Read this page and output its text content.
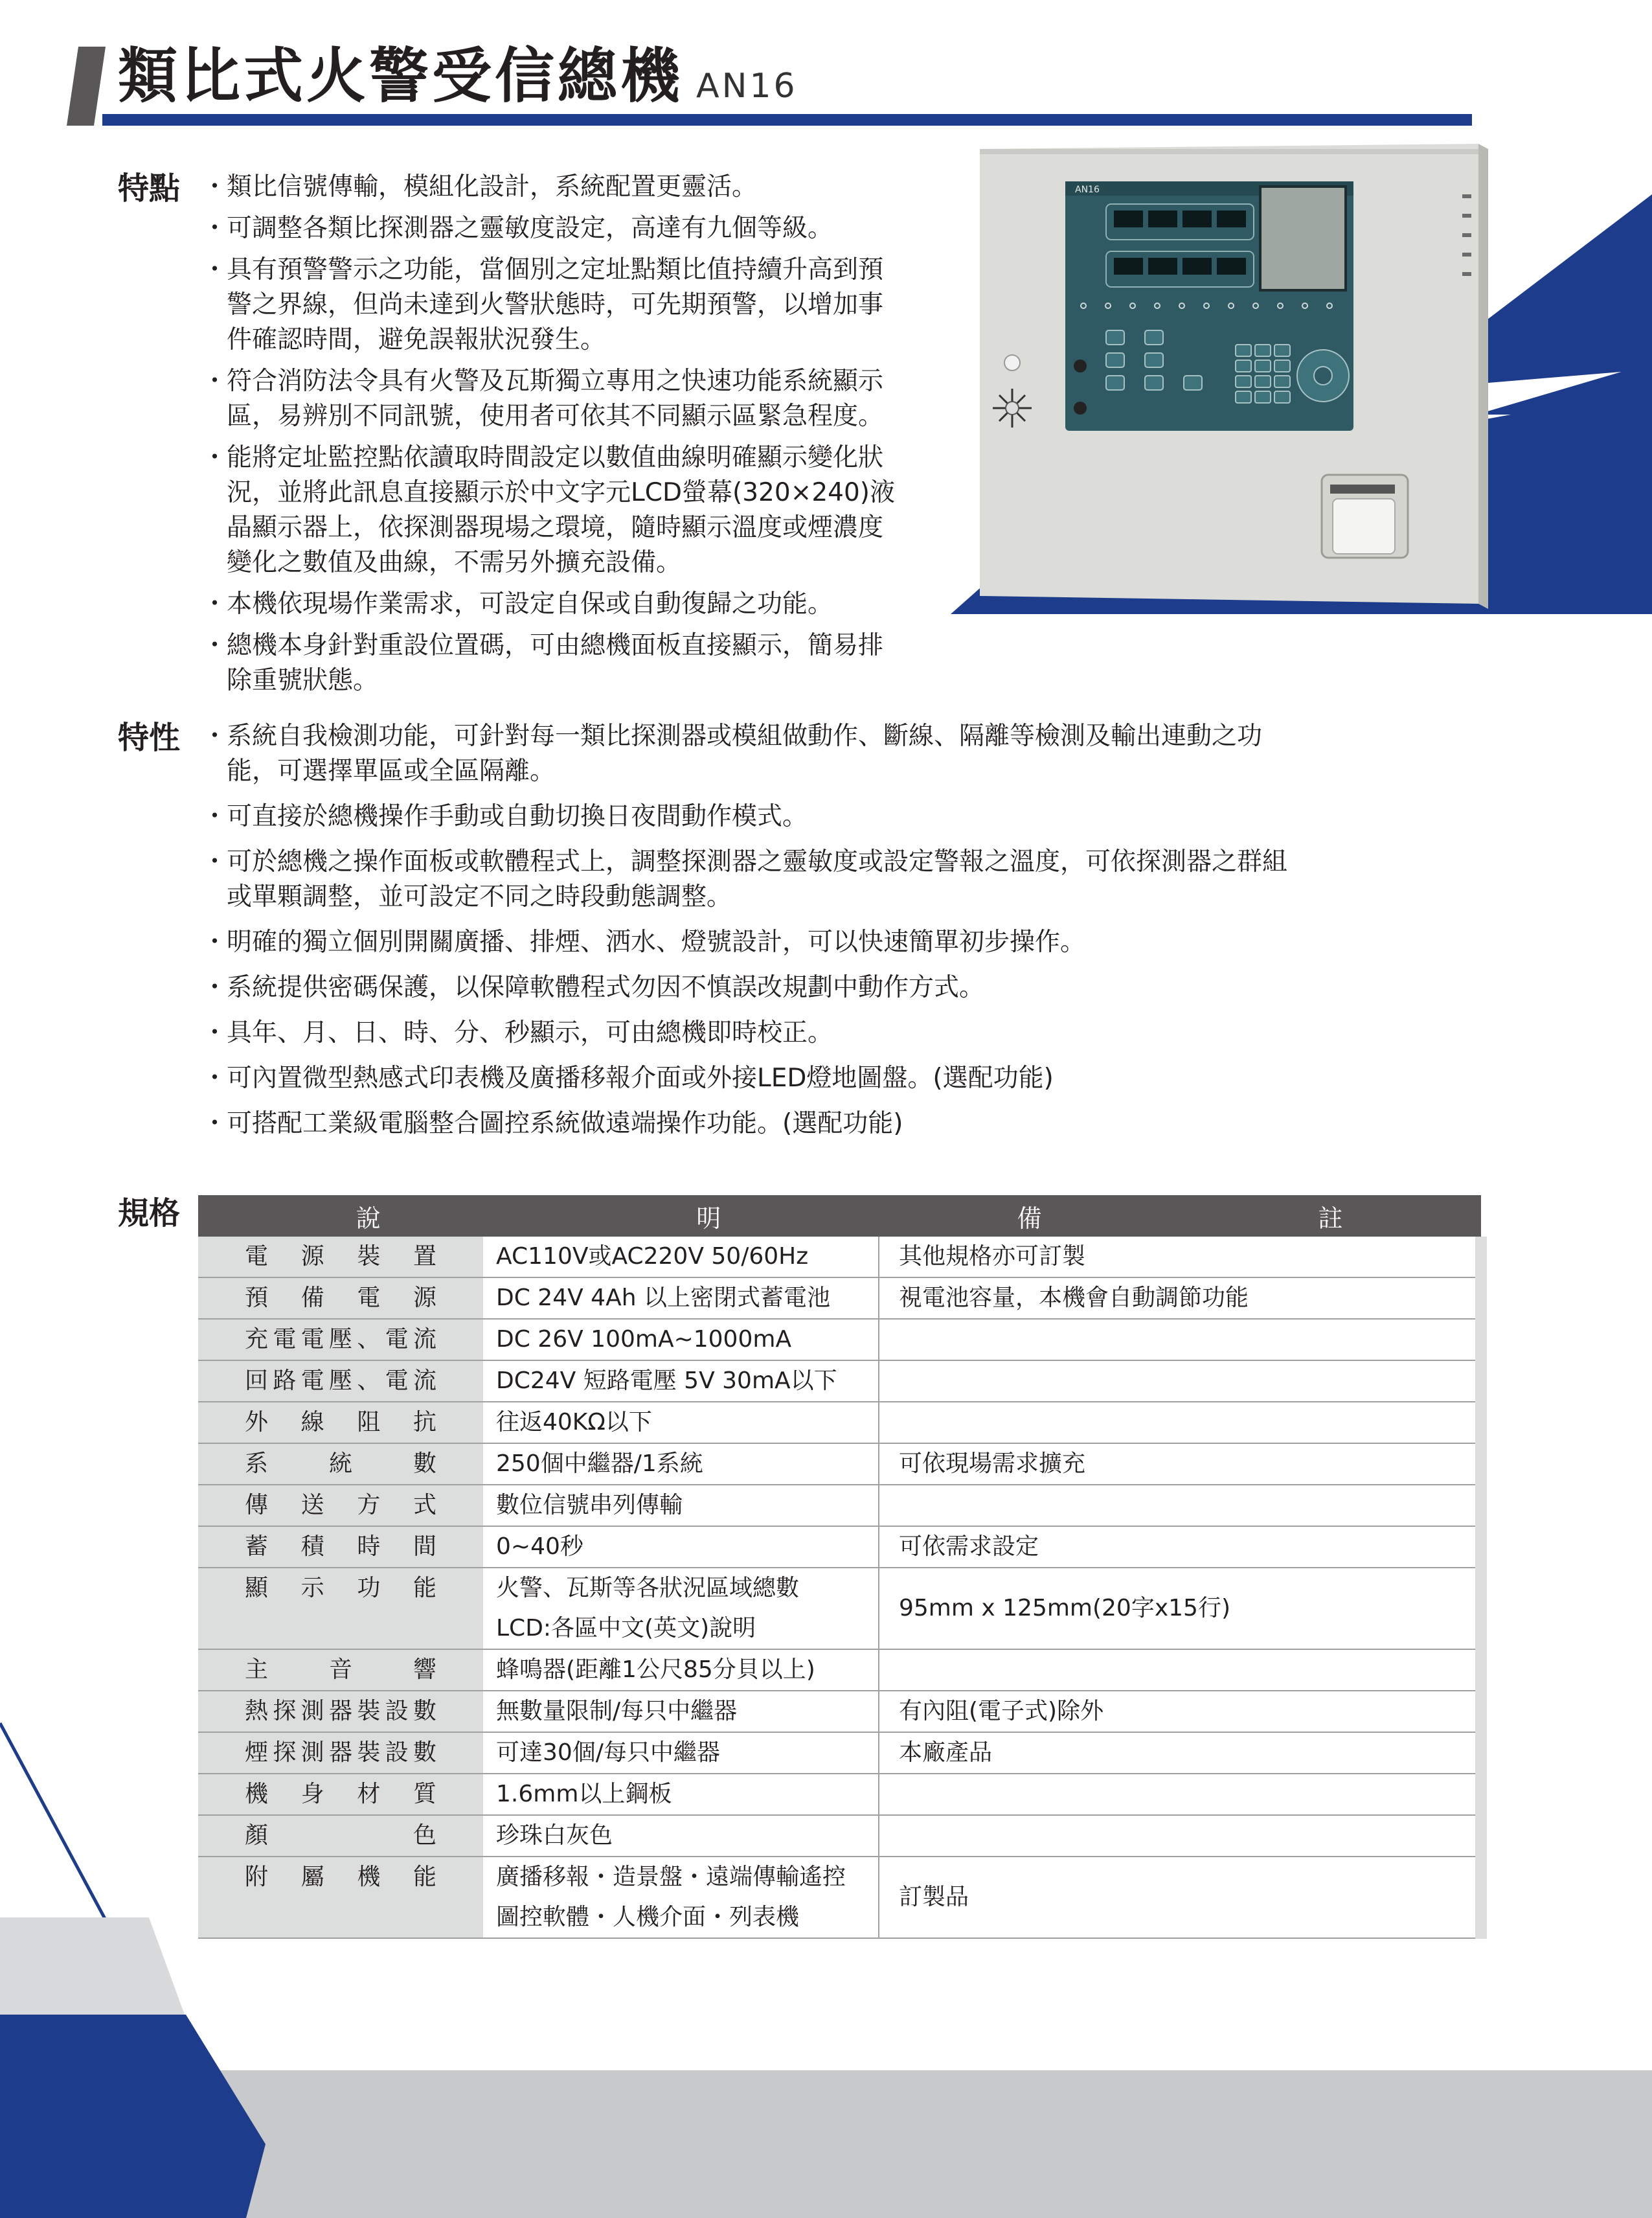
類比式火警受信總機 AN16
AN16
特點 ・
類比信號傳輸，模組化設計，系統配置更靈活。
・
可調整各類比探測器之靈敏度設定，高達有九個等級。
・
具有預警警示之功能，當個別之定址點類比值持續升高到預警之界線，但尚未達到火警狀態時，可先期預警，以增加事件確認時間，避免誤報狀況發生。
・
符合消防法令具有火警及瓦斯獨立專用之快速功能系統顯示區，易辨別不同訊號，使用者可依其不同顯示區緊急程度。
・
能將定址監控點依讀取時間設定以數值曲線明確顯示變化狀況，並將此訊息直接顯示於中文字元LCD螢幕(320×240)液晶顯示器上，依探測器現場之環境，隨時顯示溫度或煙濃度變化之數值及曲線，不需另外擴充設備。
・
本機依現場作業需求，可設定自保或自動復歸之功能。
・
總機本身針對重設位置碼，可由總機面板直接顯示，簡易排除重號狀態。
特性 ・
系統自我檢測功能，可針對每一類比探測器或模組做動作、斷線、隔離等檢測及輸出連動之功能，可選擇單區或全區隔離。
・
可直接於總機操作手動或自動切換日夜間動作模式。
・
可於總機之操作面板或軟體程式上，調整探測器之靈敏度或設定警報之溫度，可依探測器之群組或單顆調整，並可設定不同之時段動態調整。
・
明確的獨立個別開關廣播、排煙、洒水、燈號設計，可以快速簡單初步操作。
・
系統提供密碼保護，以保障軟體程式勿因不慎誤改規劃中動作方式。
・
具年、月、日、時、分、秒顯示，可由總機即時校正。
・
可內置微型熱感式印表機及廣播移報介面或外接LED燈地圖盤。(選配功能)
・
可搭配工業級電腦整合圖控系統做遠端操作功能。(選配功能)
規格	說 明		備 註

電源裝置	AC110V或AC220V 50/60Hz	其他規格亦可訂製
預備電源	DC 24V 4Ah 以上密閉式蓄電池	視電池容量，本機會自動調節功能
充電電壓、電流	DC 26V 100mA~1000mA	

回路電壓、電流	DC24V 短路電壓 5V 30mA以下	

外線阻抗	往返40KΩ以下	

系統數	250個中繼器/1系統	可依現場需求擴充
傳送方式	數位信號串列傳輸	

蓄積時間	0~40秒	可依需求設定
顯示功能	火警、瓦斯等各狀況區域總數
LCD:各區中文(英文)說明	95mm x 125mm(20字x15行)
主音響	蜂鳴器(距離1公尺85分貝以上)	

熱探測器裝設數	無數量限制/每只中繼器	有內阻(電子式)除外
煙探測器裝設數	可達30個/每只中繼器	本廠產品
機身材質	1.6mm以上鋼板	

顏色	珍珠白灰色	

附屬機能	廣播移報・造景盤・遠端傳輸遙控
圖控軟體・人機介面・列表機	訂製品
